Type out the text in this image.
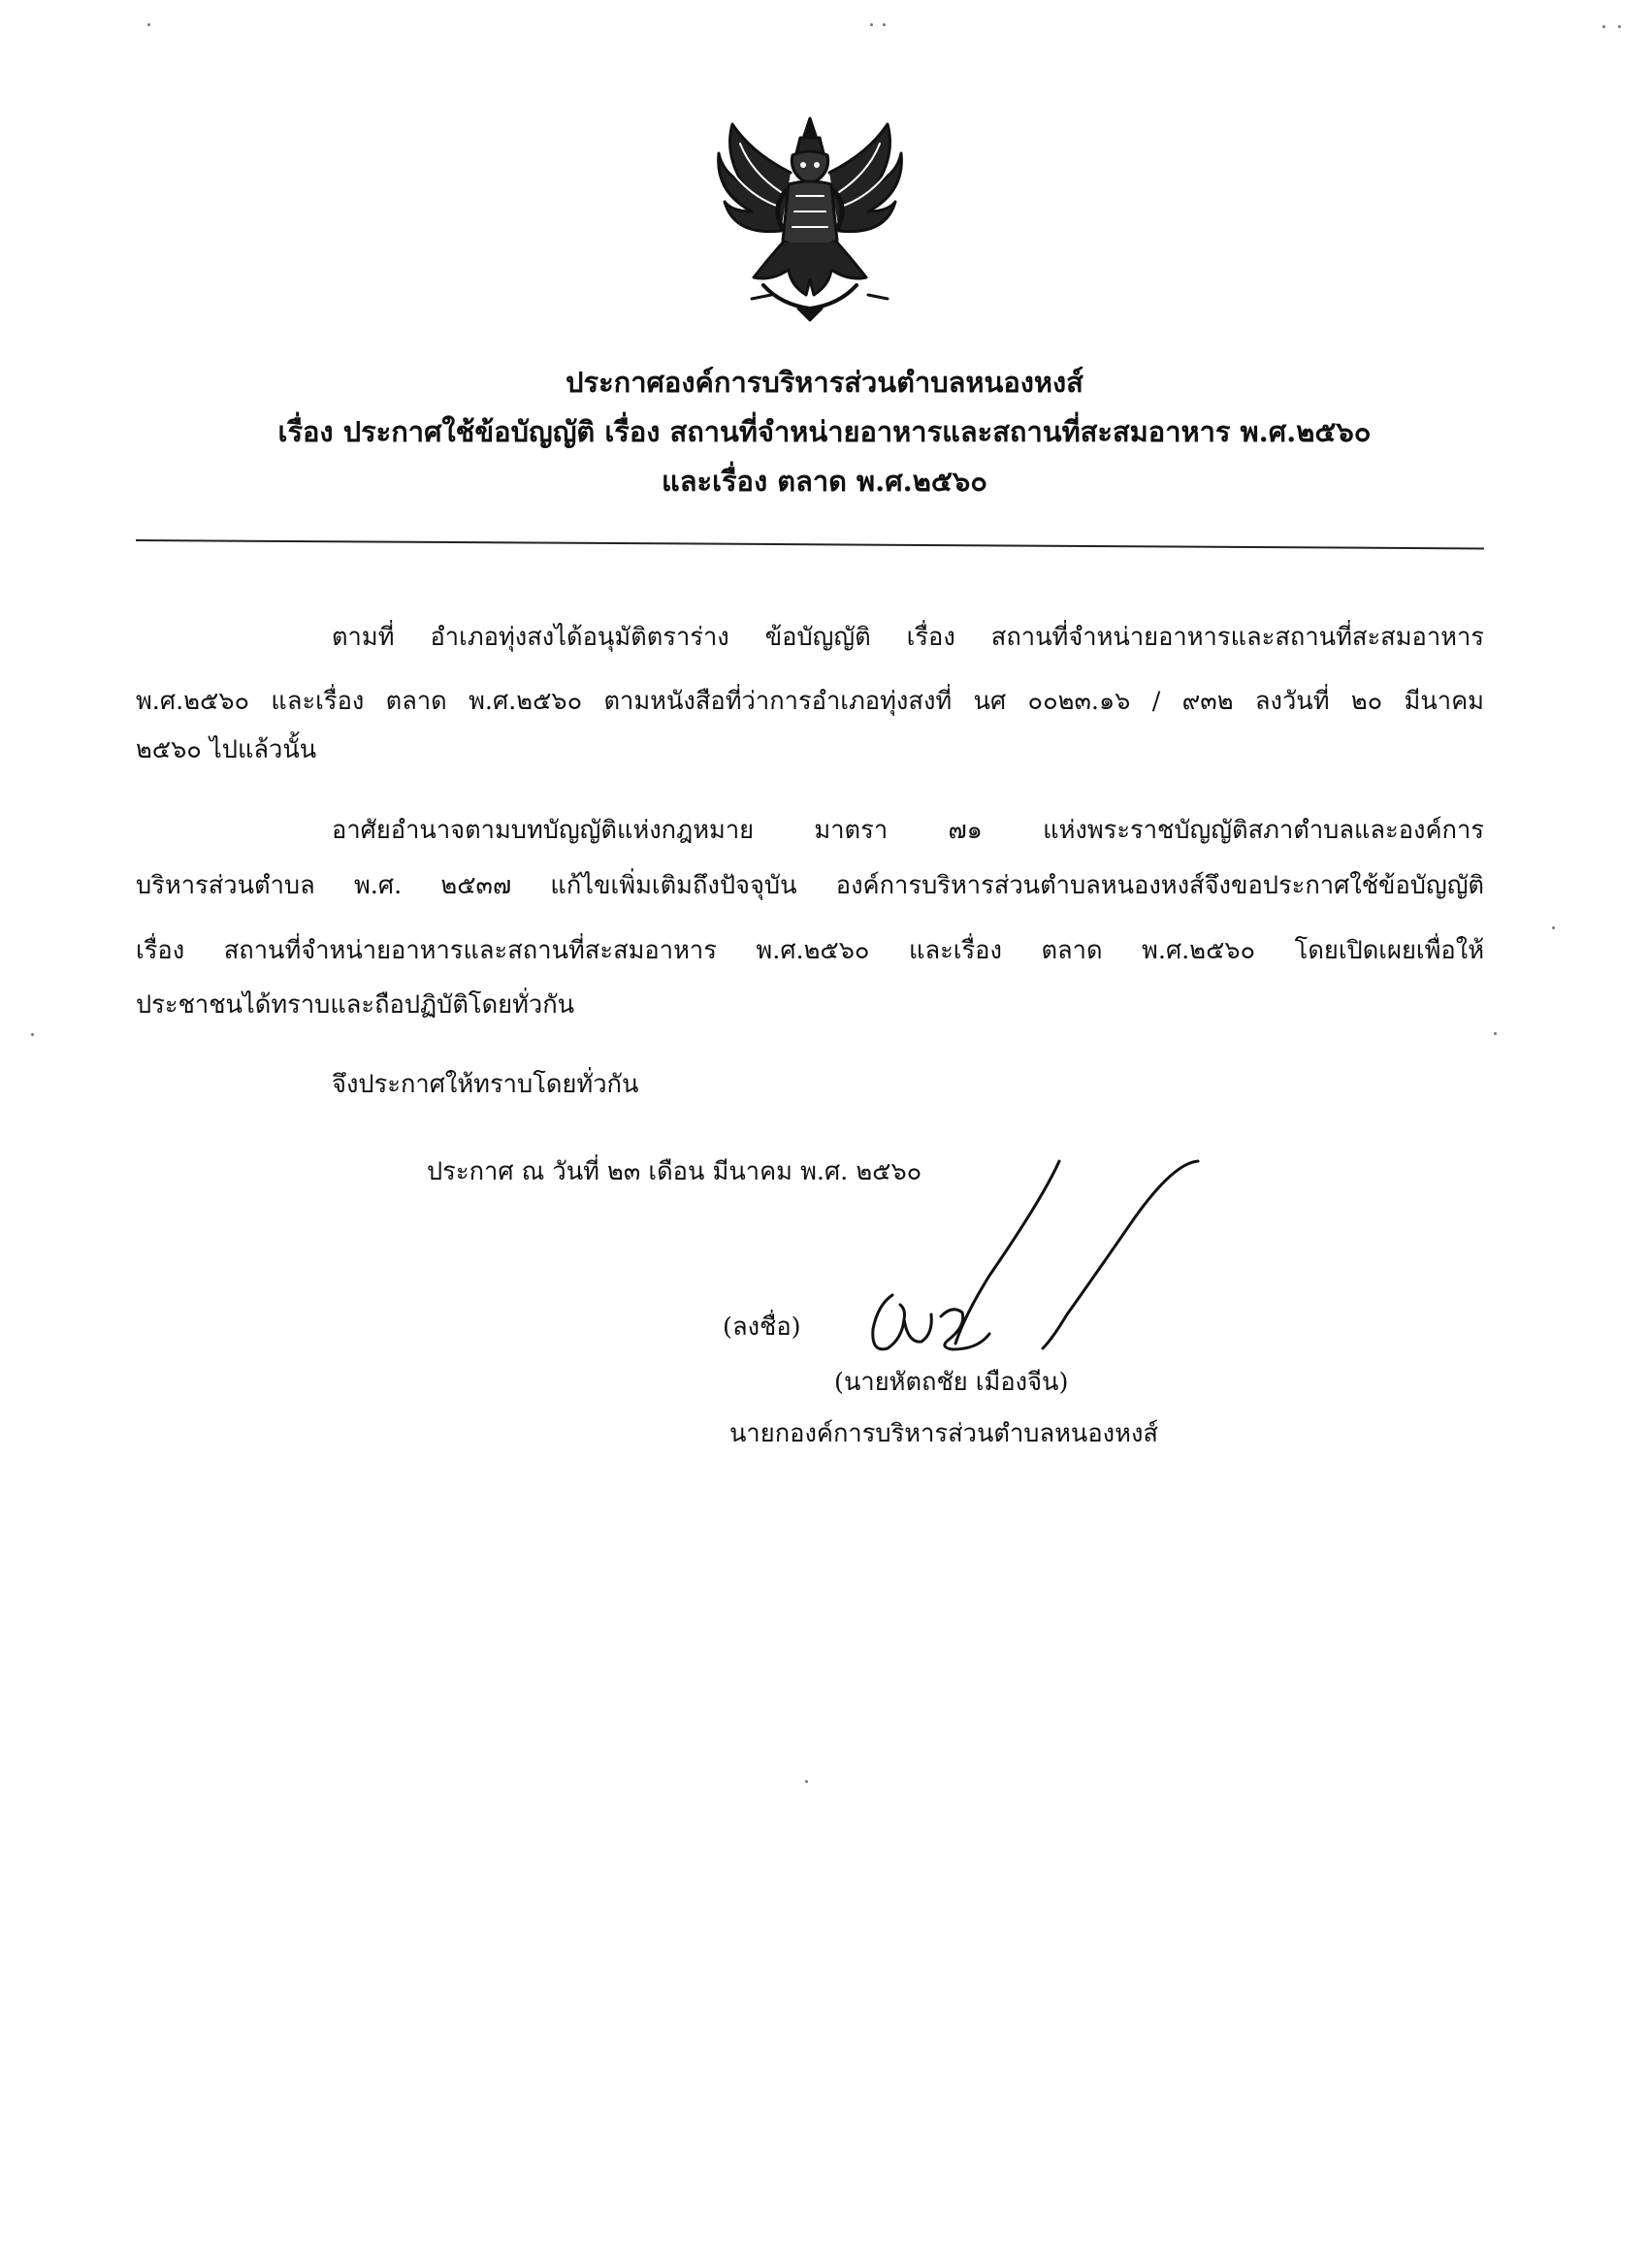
ประกาศองค์การบริหารส่วนตำบลหนองหงส์
เรื่อง ประกาศใช้ข้อบัญญัติ เรื่อง สถานที่จำหน่ายอาหารและสถานที่สะสมอาหาร พ.ศ.๒๕๖๐
และเรื่อง ตลาด พ.ศ.๒๕๖๐
ตามที่ อำเภอทุ่งสงได้อนุมัติตราร่าง ข้อบัญญัติ เรื่อง สถานที่จำหน่ายอาหารและสถานที่สะสมอาหาร
พ.ศ.๒๕๖๐ และเรื่อง ตลาด พ.ศ.๒๕๖๐ ตามหนังสือที่ว่าการอำเภอทุ่งสงที่ นศ ๐๐๒๓.๑๖ / ๙๓๒ ลงวันที่ ๒๐ มีนาคม
๒๕๖๐ ไปแล้วนั้น
อาศัยอำนาจตามบทบัญญัติแห่งกฎหมาย มาตรา ๗๑ แห่งพระราชบัญญัติสภาตำบลและองค์การ
บริหารส่วนตำบล พ.ศ. ๒๕๓๗ แก้ไขเพิ่มเติมถึงปัจจุบัน องค์การบริหารส่วนตำบลหนองหงส์จึงขอประกาศใช้ข้อบัญญัติ
เรื่อง สถานที่จำหน่ายอาหารและสถานที่สะสมอาหาร พ.ศ.๒๕๖๐ และเรื่อง ตลาด พ.ศ.๒๕๖๐ โดยเปิดเผยเพื่อให้
ประชาชนได้ทราบและถือปฏิบัติโดยทั่วกัน
จึงประกาศให้ทราบโดยทั่วกัน
ประกาศ ณ วันที่ ๒๓ เดือน มีนาคม พ.ศ. ๒๕๖๐
(ลงชื่อ)
(นายหัตถชัย เมืองจีน)
นายกองค์การบริหารส่วนตำบลหนองหงส์
